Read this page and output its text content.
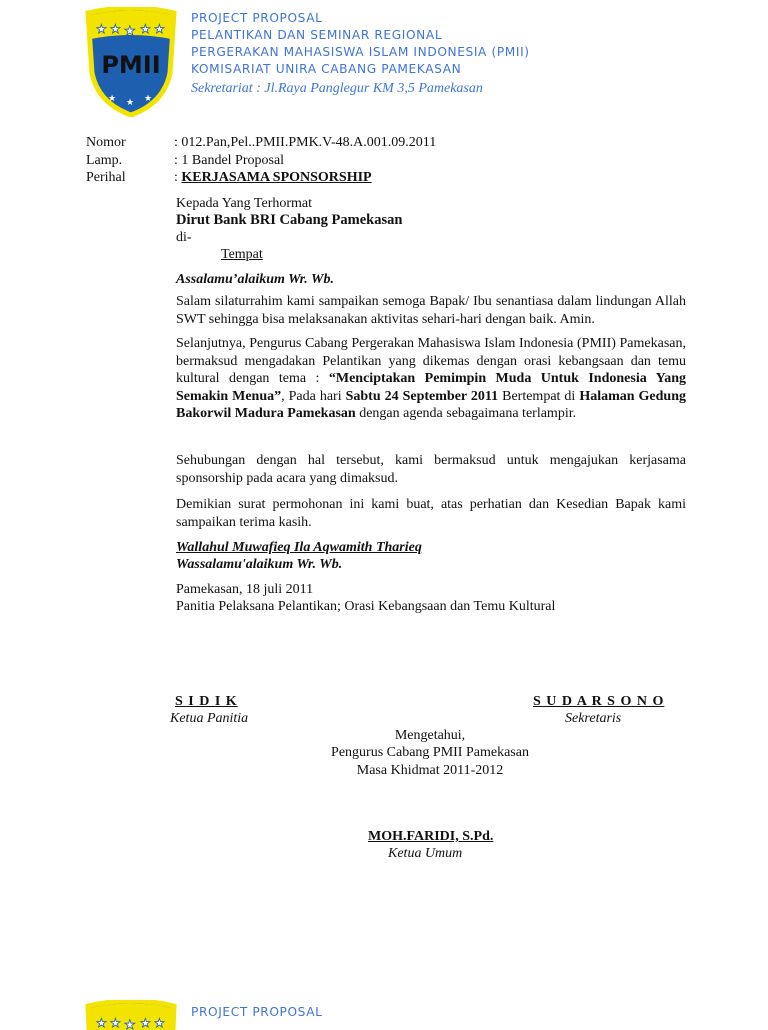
★ ★ ★ ★ ★
PMII
★ ★ ★
PROJECT PROPOSAL
PELANTIKAN DAN SEMINAR REGIONAL
PERGERAKAN MAHASISWA ISLAM INDONESIA (PMII)
KOMISARIAT UNIRA CABANG PAMEKASAN
Sekretariat : Jl.Raya Panglegur KM 3,5 Pamekasan
Nomor	: 012.Pan,Pel..PMII.PMK.V-48.A.001.09.2011
Lamp.	: 1 Bandel Proposal
Perihal	: KERJASAMA SPONSORSHIP
Kepada Yang Terhormat
Dirut Bank BRI Cabang Pamekasan
di-
Tempat
Assalamu’alaikum Wr. Wb.
Salam silaturrahim kami sampaikan semoga Bapak/ Ibu senantiasa dalam lindungan Allah SWT sehingga bisa melaksanakan aktivitas sehari-hari dengan baik. Amin.
Selanjutnya, Pengurus Cabang Pergerakan Mahasiswa Islam Indonesia (PMII) Pamekasan, bermaksud mengadakan Pelantikan yang dikemas dengan orasi kebangsaan dan temu kultural dengan tema : “Menciptakan Pemimpin Muda Untuk Indonesia Yang Semakin Menua”, Pada hari Sabtu 24 September 2011 Bertempat di Halaman Gedung Bakorwil Madura Pamekasan dengan agenda sebagaimana terlampir.
Sehubungan dengan hal tersebut, kami bermaksud untuk mengajukan kerjasama sponsorship pada acara yang dimaksud.
Demikian surat permohonan ini kami buat, atas perhatian dan Kesedian Bapak kami sampaikan terima kasih.
Wallahul Muwafieq Ila Aqwamith Tharieq
Wassalamu'alaikum Wr. Wb.
Pamekasan, 18 juli 2011
Panitia Pelaksana Pelantikan; Orasi Kebangsaan dan Temu Kultural
S I D I K
Ketua Panitia
S U D A R S O N O
Sekretaris
Mengetahui,
Pengurus Cabang PMII Pamekasan
Masa Khidmat 2011-2012
MOH.FARIDI, S.Pd.
Ketua Umum
★ ★ ★ ★ ★
PROJECT PROPOSAL
